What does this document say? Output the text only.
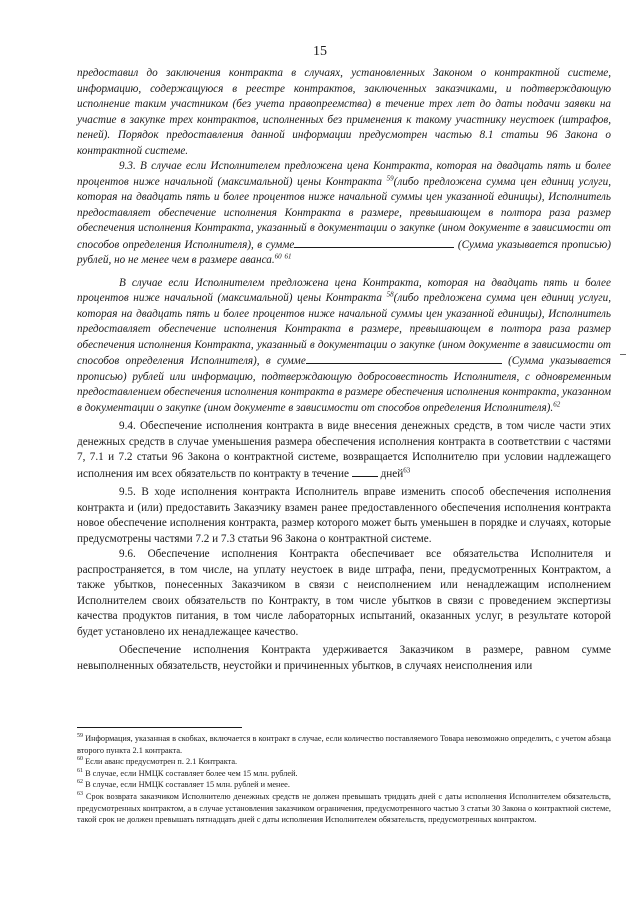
15

предоставил до заключения контракта в случаях, установленных Законом о контрактной системе, информацию, содержащуюся в реестре контрактов, заключенных заказчиками, и подтверждающую исполнение таким участником (без учета правопреемства) в течение трех лет до даты подачи заявки на участие в закупке трех контрактов, исполненных без применения к такому участнику неустоек (штрафов, пеней). Порядок предоставления данной информации предусмотрен частью 8.1 статьи 96 Закона о контрактной системе.

9.3. В случае если Исполнителем предложена цена Контракта, которая на двадцать пять и более процентов ниже начальной (максимальной) цены Контракта $^{59}$(либо предложена сумма цен единиц услуги, которая на двадцать пять и более процентов ниже начальной суммы цен указанной единицы), Исполнитель предоставляет обеспечение исполнения Контракта в размере, превышающем в полтора раза размер обеспечения исполнения Контракта, указанный в документации о закупке (ином документе в зависимости от способов определения Исполнителя), в сумме	(Сумма указывается прописью) рублей, но не менее чем в размере аванса.$^{60}$ $^{61}$

В случае если Исполнителем предложена цена Контракта, которая на двадцать пять и более процентов ниже начальной (максимальной) цены Контракта $^{58}$(либо предложена сумма цен единиц услуги, которая на двадцать пять и более процентов ниже начальной суммы цен указанной единицы), Исполнитель предоставляет обеспечение исполнения Контракта в размере, превышающем в полтора раза размер обеспечения исполнения Контракта, указанный в документации о закупке (ином документе в зависимости от способов определения Исполнителя), в сумме	(Сумма указывается прописью) рублей или информацию, подтверждающую добросовестность Исполнителя, с одновременным предоставлением обеспечения исполнения контракта в размере обеспечения исполнения контракта, указанном в документации о закупке (ином документе в зависимости от способов определения Исполнителя).$^{62}$

9.4. Обеспечение исполнения контракта в виде внесения денежных средств, в том числе части этих денежных средств в случае уменьшения размера обеспечения исполнения контракта в соответствии с частями 7, 7.1 и 7.2 статьи 96 Закона о контрактной системе, возвращается Исполнителю при условии надлежащего исполнения им всех обязательств по контракту в течение	дней$^{63}$

9.5. В ходе исполнения контракта Исполнитель вправе изменить способ обеспечения исполнения контракта и (или) предоставить Заказчику взамен ранее предоставленного обеспечения исполнения контракта новое обеспечение исполнения контракта, размер которого может быть уменьшен в порядке и случаях, которые предусмотрены частями 7.2 и 7.3 статьи 96 Закона о контрактной системе.

9.6. Обеспечение исполнения Контракта обеспечивает все обязательства Исполнителя и распространяется, в том числе, на уплату неустоек в виде штрафа, пени, предусмотренных Контрактом, а также убытков, понесенных Заказчиком в связи с неисполнением или ненадлежащим исполнением Исполнителем своих обязательств по Контракту, в том числе убытков в связи с проведением экспертизы качества продуктов питания, в том числе лабораторных испытаний, оказанных услуг, в результате которой будет установлено их ненадлежащее качество.

Обеспечение исполнения Контракта удерживается Заказчиком в размере, равном сумме невыполненных обязательств, неустойки и причиненных убытков, в случаях неисполнения или

$^{59}$ Информация, указанная в скобках, включается в контракт в случае, если количество поставляемого Товара невозможно определить, с учетом абзаца второго пункта 2.1 контракта.

$^{60}$ Если аванс предусмотрен п. 2.1 Контракта.

$^{61}$ В случае, если НМЦК составляет более чем 15 млн. рублей.

$^{62}$ В случае, если НМЦК составляет 15 млн. рублей и менее.

$^{63}$ Срок возврата заказчиком Исполнителю денежных средств не должен превышать тридцать дней с даты исполнения Исполнителем обязательств, предусмотренных контрактом, а в случае установления заказчиком ограничения, предусмотренного частью 3 статьи 30 Закона о контрактной системе, такой срок не должен превышать пятнадцать дней с даты исполнения Исполнителем обязательств, предусмотренных контрактом.
